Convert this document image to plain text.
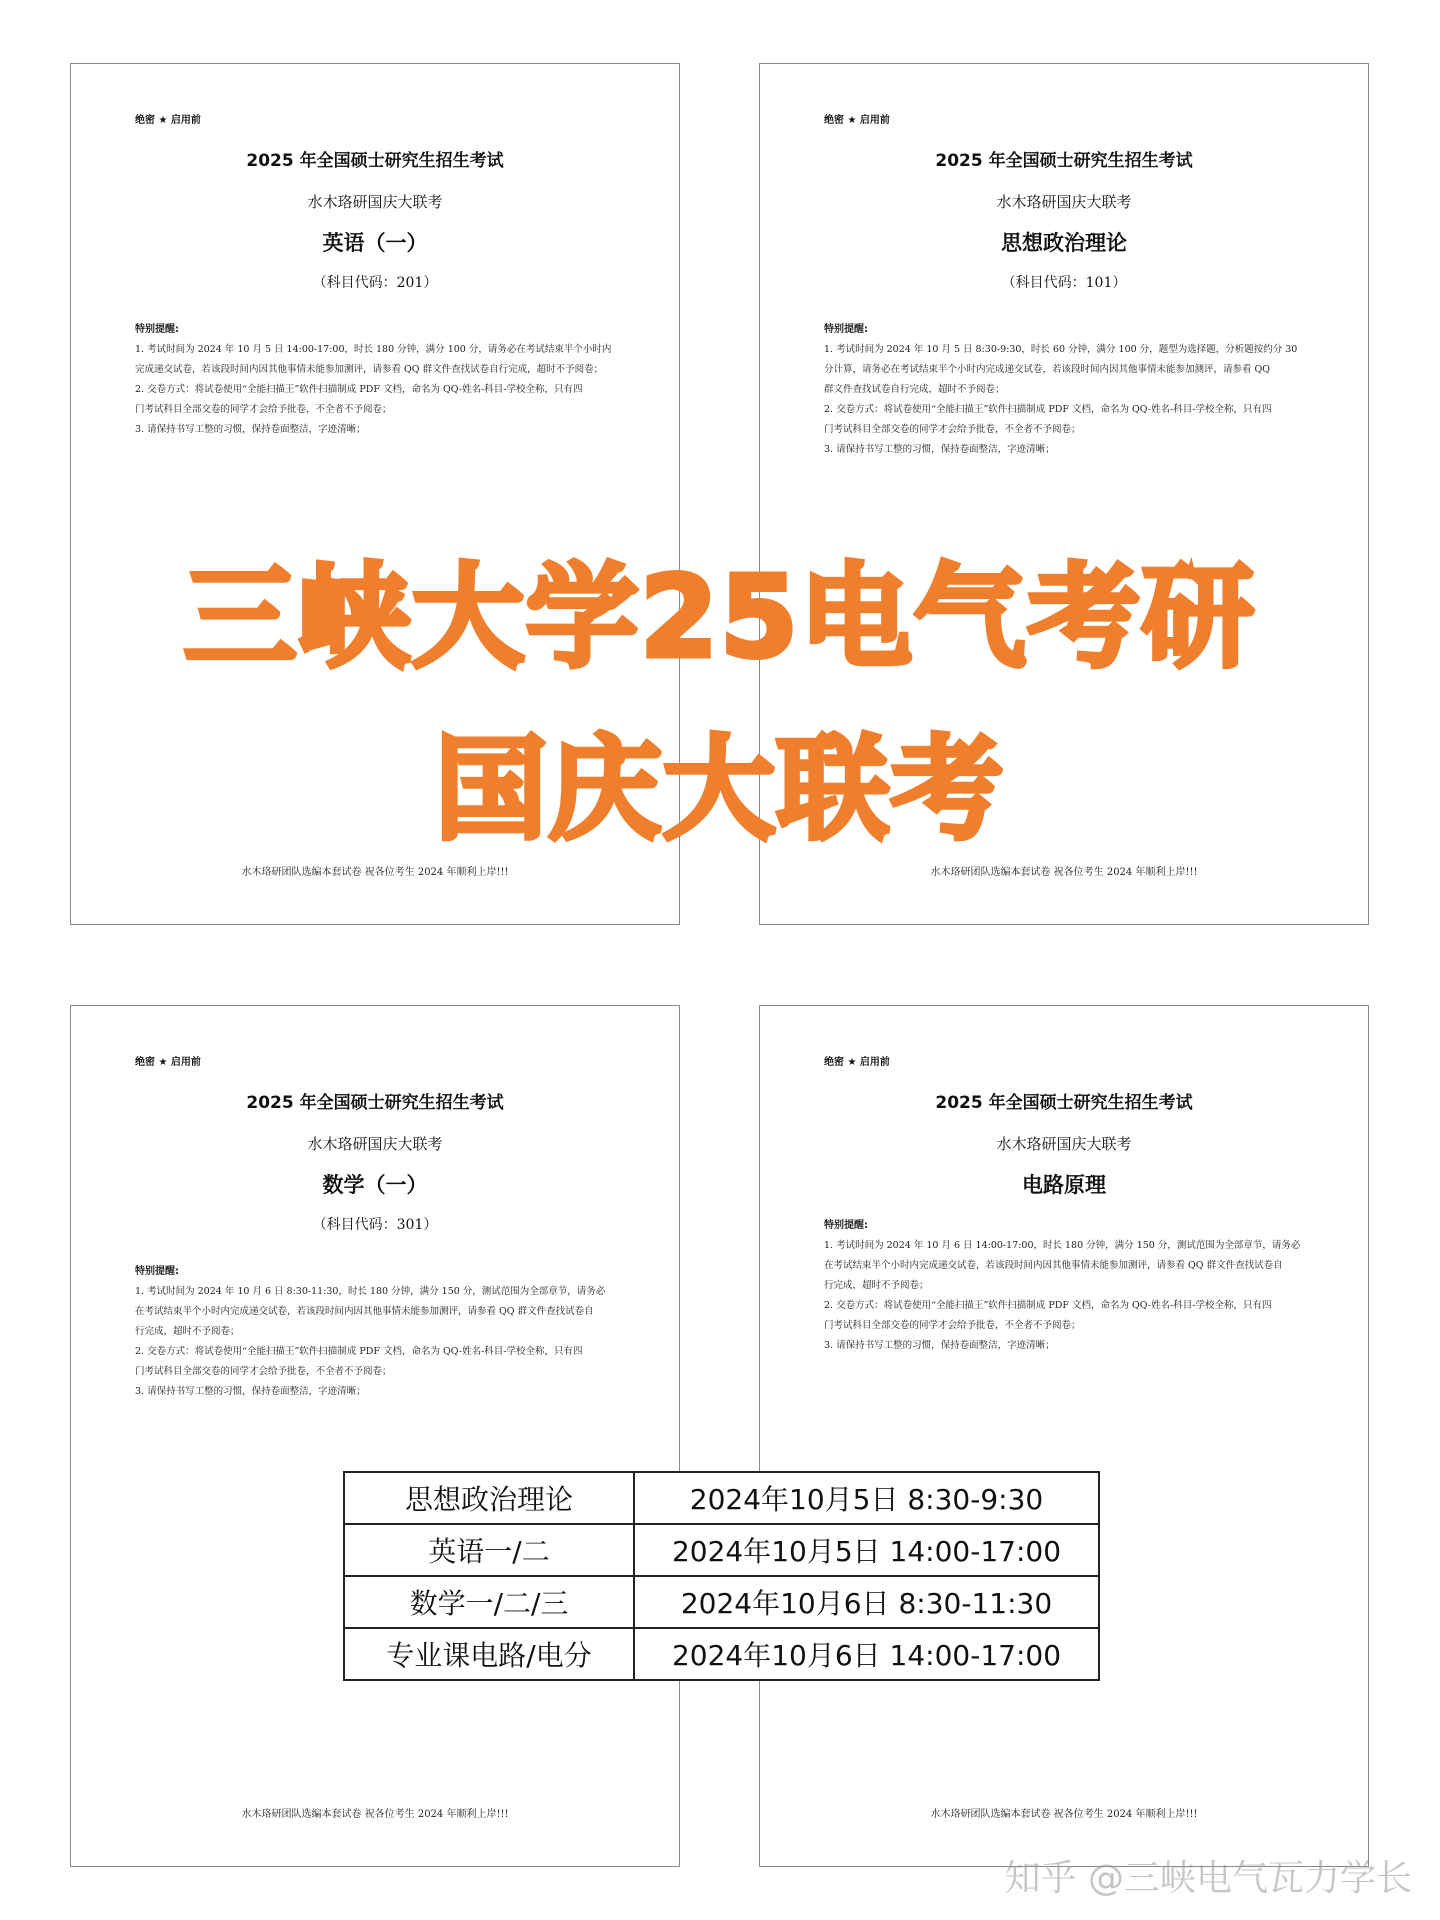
绝密 ★ 启用前
2025 年全国硕士研究生招生考试
水木珞研国庆大联考
英语（一）
（科目代码：201）

特别提醒:

1. 考试时间为 2024 年 10 月 5 日 14:00-17:00，时长 180 分钟，满分 100 分，请务必在考试结束半个小时内

完成递交试卷，若该段时间内因其他事情未能参加测评，请参看 QQ 群文件查找试卷自行完成，超时不予阅卷；

2. 交卷方式：将试卷使用“全能扫描王”软件扫描制成 PDF 文档，命名为 QQ-姓名-科目-学校全称，只有四

门考试科目全部交卷的同学才会给予批卷，不全者不予阅卷；

3. 请保持书写工整的习惯，保持卷面整洁，字迹清晰；

水木珞研团队选编本套试卷 祝各位考生 2024 年顺利上岸!!!
绝密 ★ 启用前
2025 年全国硕士研究生招生考试
水木珞研国庆大联考
思想政治理论
（科目代码：101）

特别提醒:

1. 考试时间为 2024 年 10 月 5 日 8:30-9:30，时长 60 分钟，满分 100 分，题型为选择题，分析题按约分 30

分计算，请务必在考试结束半个小时内完成递交试卷，若该段时间内因其他事情未能参加测评，请参看 QQ

群文件查找试卷自行完成，超时不予阅卷；

2. 交卷方式：将试卷使用“全能扫描王”软件扫描制成 PDF 文档，命名为 QQ-姓名-科目-学校全称，只有四

门考试科目全部交卷的同学才会给予批卷，不全者不予阅卷；

3. 请保持书写工整的习惯，保持卷面整洁，字迹清晰；

水木珞研团队选编本套试卷 祝各位考生 2024 年顺利上岸!!!
绝密 ★ 启用前
2025 年全国硕士研究生招生考试
水木珞研国庆大联考
数学（一）
（科目代码：301）

特别提醒:

1. 考试时间为 2024 年 10 月 6 日 8:30-11:30，时长 180 分钟，满分 150 分，测试范围为全部章节，请务必

在考试结束半个小时内完成递交试卷，若该段时间内因其他事情未能参加测评，请参看 QQ 群文件查找试卷自

行完成，超时不予阅卷；

2. 交卷方式：将试卷使用“全能扫描王”软件扫描制成 PDF 文档，命名为 QQ-姓名-科目-学校全称，只有四

门考试科目全部交卷的同学才会给予批卷，不全者不予阅卷；

3. 请保持书写工整的习惯，保持卷面整洁，字迹清晰；

水木珞研团队选编本套试卷 祝各位考生 2024 年顺利上岸!!!
绝密 ★ 启用前
2025 年全国硕士研究生招生考试
水木珞研国庆大联考
电路原理

特别提醒:

1. 考试时间为 2024 年 10 月 6 日 14:00-17:00，时长 180 分钟，满分 150 分，测试范围为全部章节，请务必

在考试结束半个小时内完成递交试卷，若该段时间内因其他事情未能参加测评，请参看 QQ 群文件查找试卷自

行完成，超时不予阅卷；

2. 交卷方式：将试卷使用“全能扫描王”软件扫描制成 PDF 文档，命名为 QQ-姓名-科目-学校全称，只有四

门考试科目全部交卷的同学才会给予批卷，不全者不予阅卷；

3. 请保持书写工整的习惯，保持卷面整洁，字迹清晰；

水木珞研团队选编本套试卷 祝各位考生 2024 年顺利上岸!!!
三峡大学25电气考研
国庆大联考
思想政治理论	2024年10月5日 8:30-9:30
英语一/二	2024年10月5日 14:00-17:00
数学一/二/三	2024年10月6日 8:30-11:30
专业课电路/电分	2024年10月6日 14:00-17:00
知乎 @三峡电气瓦力学长
